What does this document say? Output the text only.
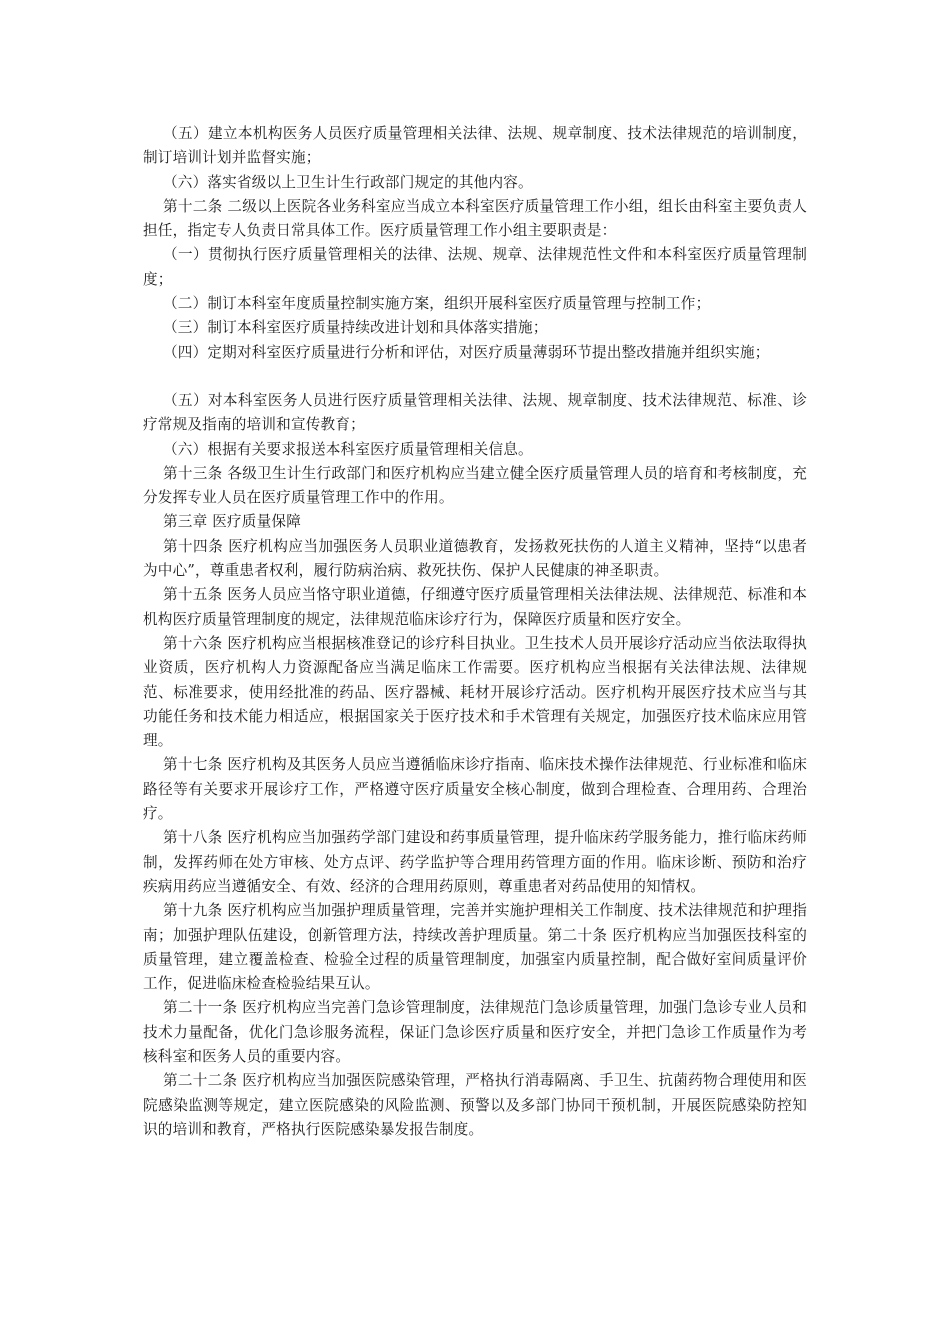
（五）建立本机构医务人员医疗质量管理相关法律、法规、规章制度、技术法律规范的培训制度，制订培训计划并监督实施；

（六）落实省级以上卫生计生行政部门规定的其他内容。

第十二条 二级以上医院各业务科室应当成立本科室医疗质量管理工作小组，组长由科室主要负责人担任，指定专人负责日常具体工作。医疗质量管理工作小组主要职责是：

（一）贯彻执行医疗质量管理相关的法律、法规、规章、法律规范性文件和本科室医疗质量管理制度；

（二）制订本科室年度质量控制实施方案，组织开展科室医疗质量管理与控制工作；

（三）制订本科室医疗质量持续改进计划和具体落实措施；

（四）定期对科室医疗质量进行分析和评估，对医疗质量薄弱环节提出整改措施并组织实施；

（五）对本科室医务人员进行医疗质量管理相关法律、法规、规章制度、技术法律规范、标准、诊疗常规及指南的培训和宣传教育；

（六）根据有关要求报送本科室医疗质量管理相关信息。

第十三条 各级卫生计生行政部门和医疗机构应当建立健全医疗质量管理人员的培育和考核制度，充分发挥专业人员在医疗质量管理工作中的作用。

第三章 医疗质量保障

第十四条 医疗机构应当加强医务人员职业道德教育，发扬救死扶伤的人道主义精神，坚持“以患者为中心”，尊重患者权利，履行防病治病、救死扶伤、保护人民健康的神圣职责。

第十五条 医务人员应当恪守职业道德，仔细遵守医疗质量管理相关法律法规、法律规范、标准和本机构医疗质量管理制度的规定，法律规范临床诊疗行为，保障医疗质量和医疗安全。

第十六条 医疗机构应当根据核准登记的诊疗科目执业。卫生技术人员开展诊疗活动应当依法取得执业资质，医疗机构人力资源配备应当满足临床工作需要。医疗机构应当根据有关法律法规、法律规范、标准要求，使用经批准的药品、医疗器械、耗材开展诊疗活动。医疗机构开展医疗技术应当与其功能任务和技术能力相适应，根据国家关于医疗技术和手术管理有关规定，加强医疗技术临床应用管理。

第十七条 医疗机构及其医务人员应当遵循临床诊疗指南、临床技术操作法律规范、行业标准和临床路径等有关要求开展诊疗工作，严格遵守医疗质量安全核心制度，做到合理检查、合理用药、合理治疗。

第十八条 医疗机构应当加强药学部门建设和药事质量管理，提升临床药学服务能力，推行临床药师制，发挥药师在处方审核、处方点评、药学监护等合理用药管理方面的作用。临床诊断、预防和治疗疾病用药应当遵循安全、有效、经济的合理用药原则，尊重患者对药品使用的知情权。

第十九条 医疗机构应当加强护理质量管理，完善并实施护理相关工作制度、技术法律规范和护理指南；加强护理队伍建设，创新管理方法，持续改善护理质量。第二十条 医疗机构应当加强医技科室的质量管理，建立覆盖检查、检验全过程的质量管理制度，加强室内质量控制，配合做好室间质量评价工作，促进临床检查检验结果互认。

第二十一条 医疗机构应当完善门急诊管理制度，法律规范门急诊质量管理，加强门急诊专业人员和技术力量配备，优化门急诊服务流程，保证门急诊医疗质量和医疗安全，并把门急诊工作质量作为考核科室和医务人员的重要内容。

第二十二条 医疗机构应当加强医院感染管理，严格执行消毒隔离、手卫生、抗菌药物合理使用和医院感染监测等规定，建立医院感染的风险监测、预警以及多部门协同干预机制，开展医院感染防控知识的培训和教育，严格执行医院感染暴发报告制度。
